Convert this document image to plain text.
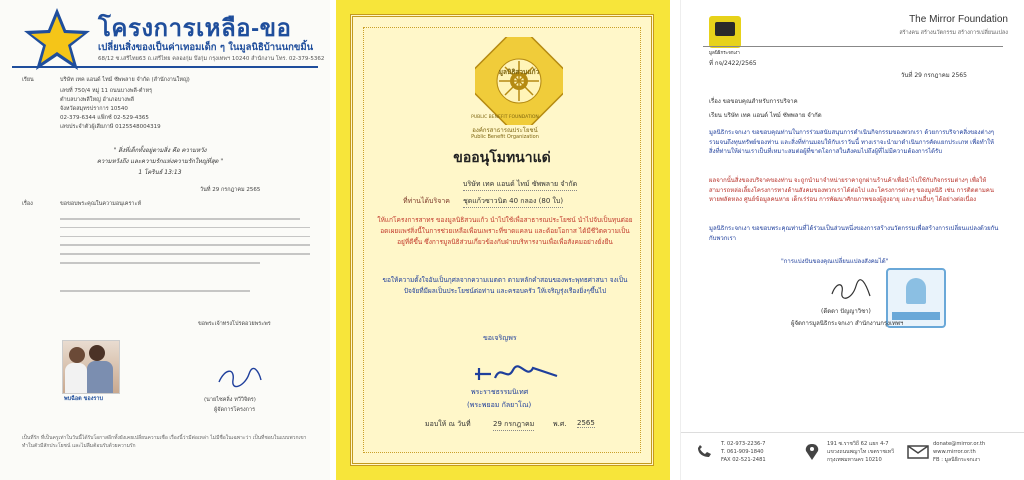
โครงการเหลือ-ขอ
เปลี่ยนสิ่งของเป็นค่าเทอมเด็ก ๆ ในมูลนิธิบ้านนกขมิ้น
68/12 ซ.เสรีไทย63 ถ.เสรีไทย คลองกุ่ม บึงกุ่ม กรุงเทพฯ 10240 สำนักงาน โทร. 02-379-5362
เรียน	บริษัท เทค แอนด์ ไทม์ ซัพพลาย จำกัด (สำนักงานใหญ่)
เลขที่ 750/4 หมู่ 11 ถนนบางพลี-ตำหรุ
ตำบลบางพลีใหญ่ อำเภอบางพลี
จังหวัดสมุทรปราการ 10540
02-379-6344 แฟ็กซ์ 02-529-4365
เลขประจำตัวผู้เสียภาษี 0125548004319
" สิ่งที่เด็กทั้งอยู่ตามสิ่ง คือ ความหวัง
ความหวังถึง และความรักแห่งความรักใหญ่ที่สุด "
1 โครินธ์ 13:13
วันที่ 29 กรกฎาคม 2565
เรื่อง	ขอขอบพระคุณในความอนุเคราะห์
ขอพระเจ้าทรงโปรดอวยพระพร
พบฉือต ของราบ	(นายไซคลิ่ง ทวีวิจิตร)
ผู้จัดการโครงการ
เป็นที่รัก ที่เป็นครูเท่าในวันนี้ได้รับโอกาสอีกทั้งยังเคยเปลี่ยนความเชื่อ เรื่องนี้ว่ามีต่อเหล่า ไม่มีชื่อในเฉพาะว่า เป็นที่ชอบในแบบพวกเขา ทำในตัวมีสักประโยชน์ และไม่ลืมต้อนรับด้วยความรัก
มูลนิธิสวนแก้ว
PUBLIC BENEFIT FOUNDATION
องค์กรสาธารณประโยชน์
Public Benefit Organization
ขออนุโมทนาแด่
บริษัท เทค แอนด์ ไทม์ ซัพพลาย จำกัด
ที่ท่านได้บริจาค ชุดแก้วซาวนิต 40 กลอง (80 ใบ)
ให้แก่โครงการสาทร ของมูลนิธิสวนแก้ว นำไปใช้เพื่อสาธารณประโยชน์ นำไปจับเป็นทุนต่อยอดเผยแพร่สิ่งนี้ในการช่วยเหลือเพื่อนเพราะที่ขาดแคลน และด้อยโอกาส ได้มีชีวิตความเป็นอยู่ที่ดีขึ้น ซึ่งการมูลนิธิส่วนเกี่ยวข้องกับฝ่ายบริหารงานเพื่อเพื่อสังคมอย่างยั่งยืน
ขอให้ความตั้งใจอันเป็นกุศลจากความเมตตา ตามหลักคำสอนของพระพุทธศาสนา จงเป็นปัจจัยที่มีผลเป็นประโยชน์ต่อท่าน และครอบครัว ให้เจริญรุ่งเรืองยิ่งๆขึ้นไป
ขอเจริญพร
พระราชธรรมนิเทศ
(พระพยอม กัลยาโณ)
มอบให้ ณ วันที่	29 กรกฎาคม	พ.ศ. 2565
มูลนิธิกระจกเงา
The Mirror Foundation
สร้างคน สร้างนวัตกรรม สร้างการเปลี่ยนแปลง
ที่ กจ/2422/2565
วันที่ 29 กรกฎาคม 2565
เรื่อง ขอขอบคุณสำหรับการบริจาค
เรียน บริษัท เทค แอนด์ ไทม์ ซัพพลาย จำกัด
มูลนิธิกระจกเงา ขอขอบคุณท่านในการร่วมสนับสนุนการดำเนินกิจกรรมของพวกเรา ด้วยการบริจาคสิ่งของต่างๆ รวมจนถึงทุนทรัพย์ของท่าน และสิ่งที่ท่านมอบให้กับเราวันนี้ ทางเราจะนำมาดำเนินการคัดแยกประเภท เพื่อทำให้สิ่งที่ท่านให้ผ่านเราเป็นที่เหมาะสมต่อผู้ที่ขาดโอกาสในสังคมไปถึงผู้ที่ไม่มีความต้องการได้รับ
ผลจากนั้นสิ่งของบริจาคของท่าน จะถูกนำมาจำหน่ายราคาถูกผ่านร้านค้าเพื่อนำไปใช้กับกิจกรรมต่างๆ เพื่อให้สามารถหล่อเลี้ยงโครงการทางด้านสังคมของพวกเราได้ต่อไป และโครงการต่างๆ ของมูลนิธิ เช่น การติดตามคนหายพลัดหลง ศูนย์ข้อมูลคนหาย เด็กเร่ร่อน การพัฒนาศักยภาพของผู้สูงอายุ และงานอื่นๆ ได้อย่างต่อเนื่อง
มูลนิธิกระจกเงา ขอขอบพระคุณท่านที่ได้ร่วมเป็นส่วนหนึ่งของการสร้างนวัตกรรมเพื่อสร้างการเปลี่ยนแปลงด้วยกันกับพวกเรา
"การแบ่งปันของคุณเปลี่ยนแปลงสังคมได้"
(ดีดดา ปัญญาวิชา)
ผู้จัดการมูลนิธิกระจกเงา สำนักงานกรุงเทพฯ
T. 02-973-2236-7
T. 061-909-1840
FAX 02-521-2481
191 ซ.ราชวิถี 62 แยก 4-7
แขวงถนนพญาไท เขตราชเทวี
กรุงเทพมหานคร 10210
donate@mirror.or.th
www.mirror.or.th
FB : มูลนิธิกระจกเงา
